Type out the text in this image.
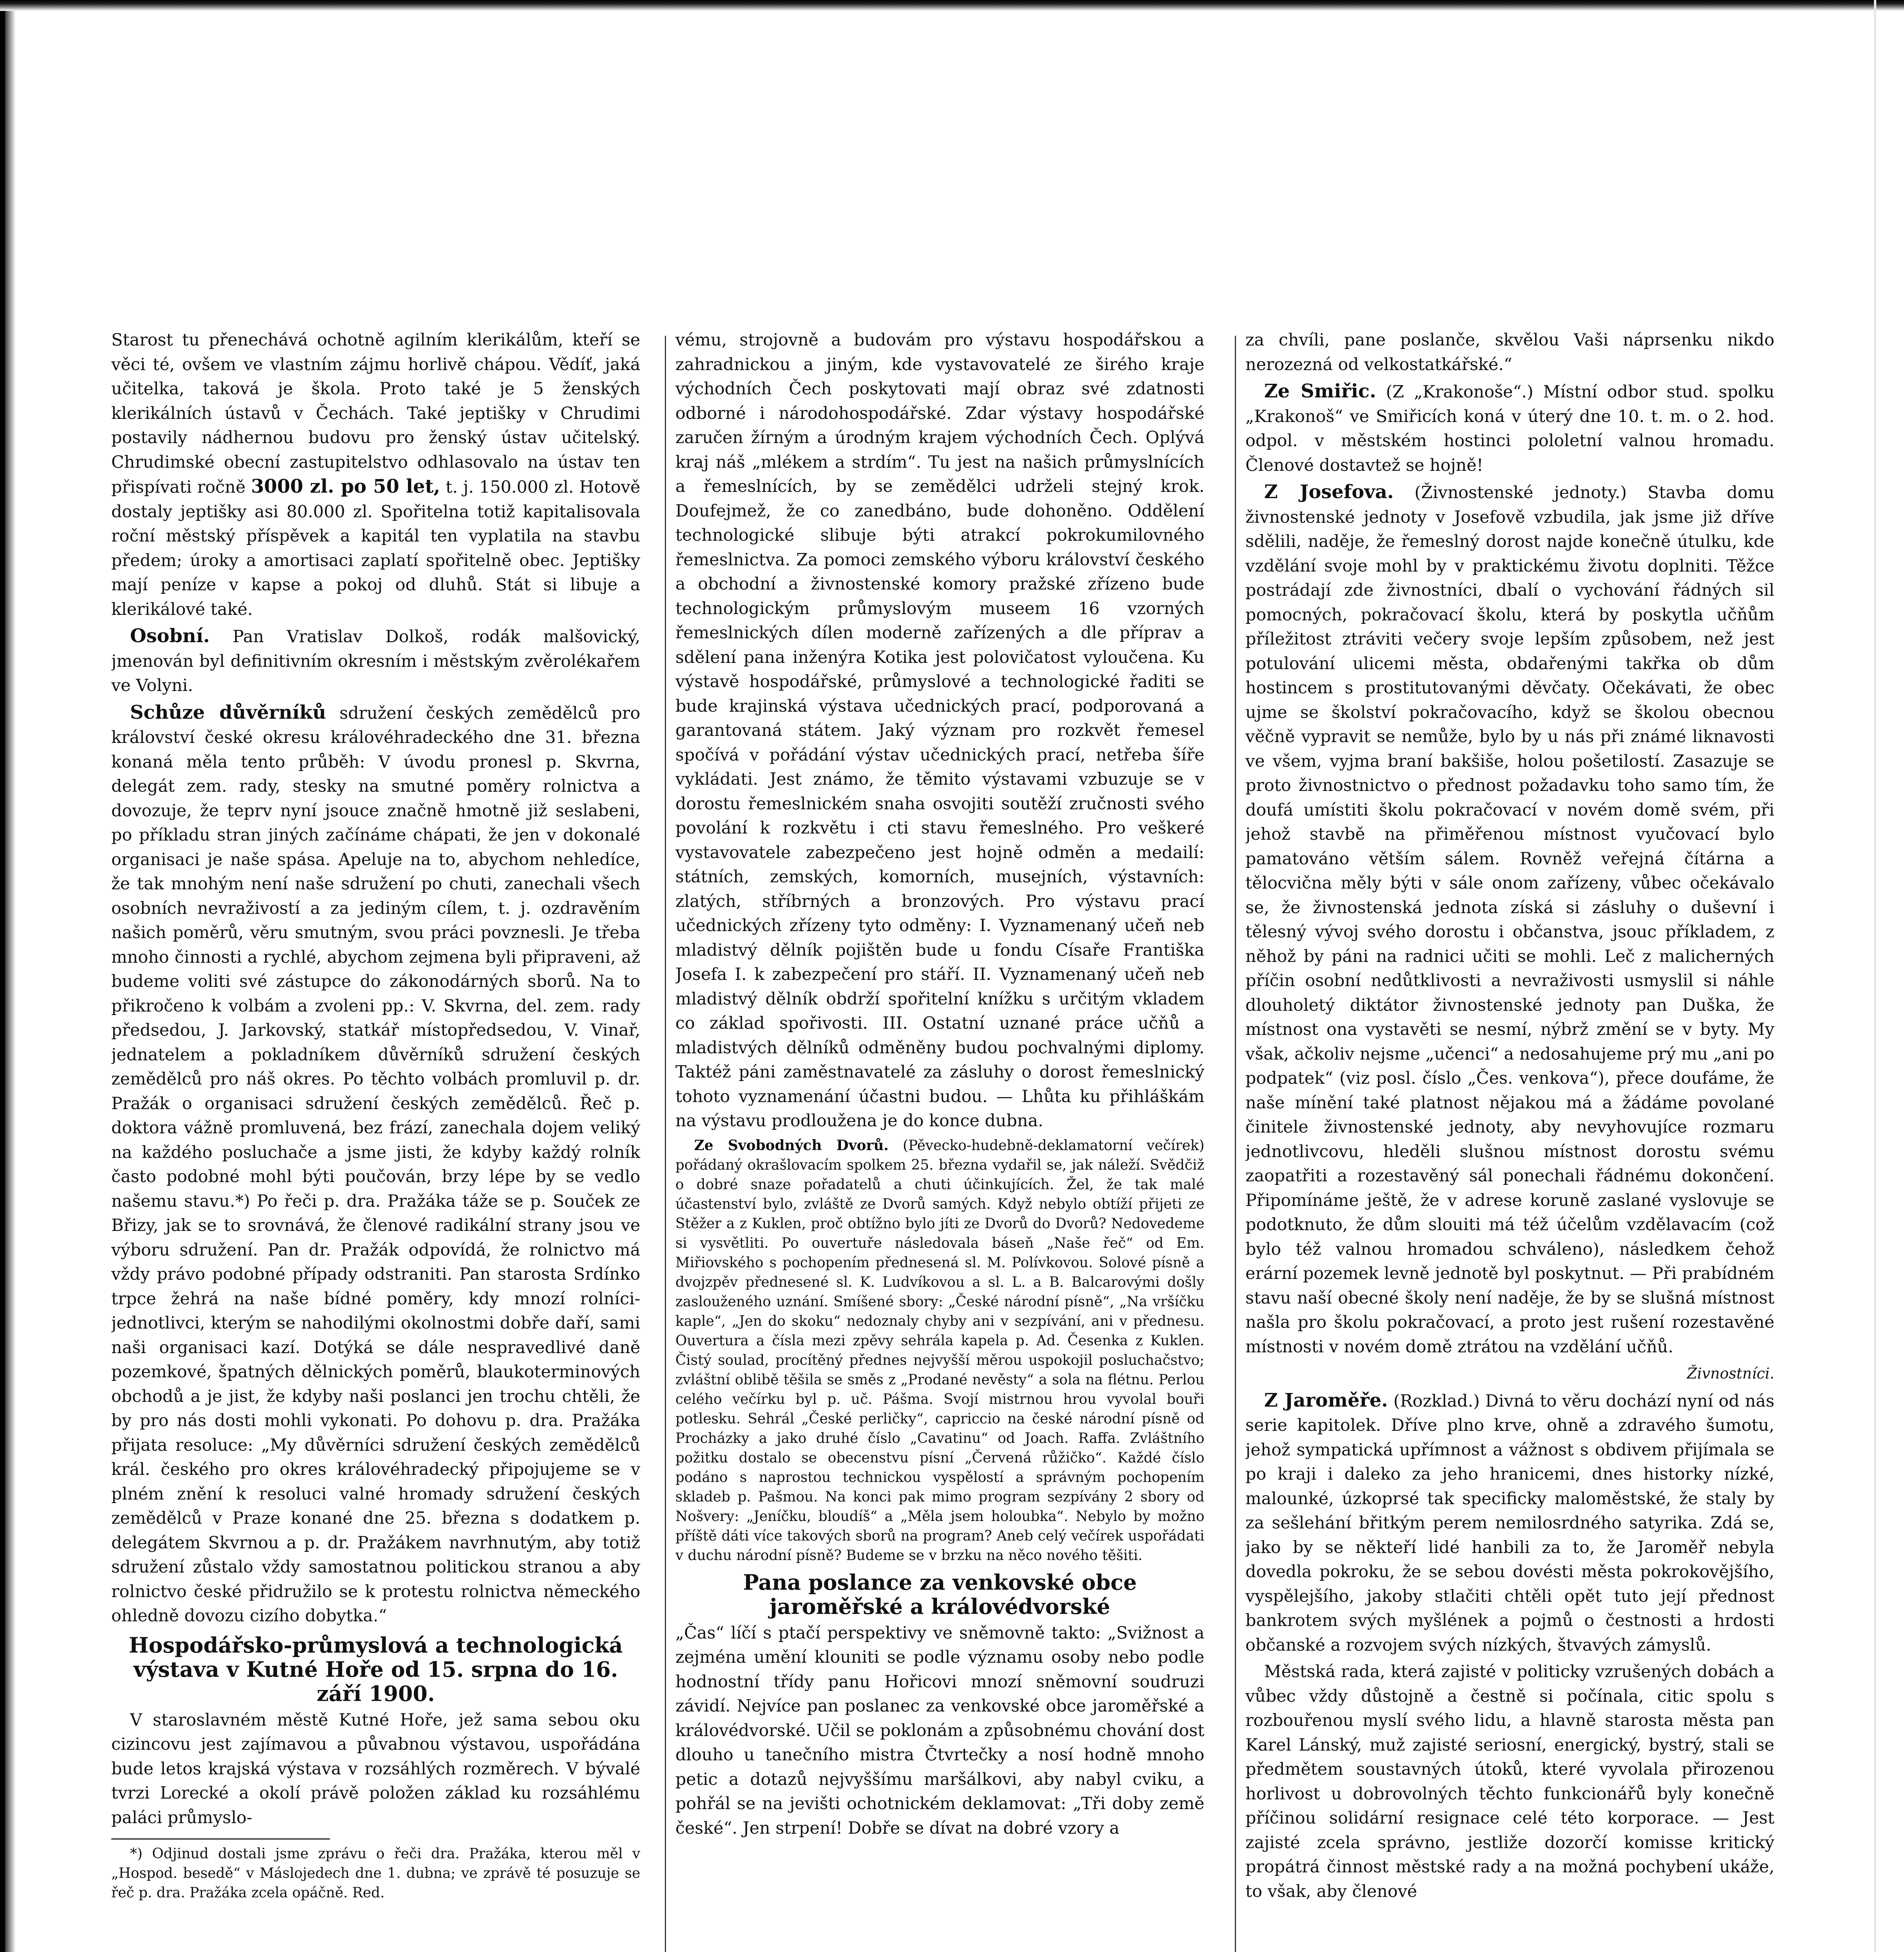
Starost tu přenechává ochotně agilním klerikálům, kteří se věci té, ovšem ve vlastním zájmu horlivě chápou. Vědíť, jaká učitelka, taková je škola. Proto také je 5 ženských klerikálních ústavů v Čechách. Také jeptišky v Chrudimi postavily nádhernou budovu pro ženský ústav učitelský. Chrudimské obecní zastupitelstvo odhlasovalo na ústav ten přispívati ročně 3000 zl. po 50 let, t. j. 150.000 zl. Hotově dostaly jeptišky asi 80.000 zl. Spořitelna totiž kapitalisovala roční městský příspěvek a kapitál ten vyplatila na stavbu předem; úroky a amortisaci zaplatí spořitelně obec. Jeptišky mají peníze v kapse a pokoj od dluhů. Stát si libuje a klerikálové také.

Osobní. Pan Vratislav Dolkoš, rodák malšovický, jmenován byl definitivním okresním i městským zvěrolékařem ve Volyni.

Schůze důvěrníků sdružení českých zemědělců pro království české okresu královéhradeckého dne 31. března konaná měla tento průběh: V úvodu pronesl p. Skvrna, delegát zem. rady, stesky na smutné poměry rolnictva a dovozuje, že teprv nyní jsouce značně hmotně již seslabeni, po příkladu stran jiných začínáme chápati, že jen v dokonalé organisaci je naše spása. Apeluje na to, abychom nehledíce, že tak mnohým není naše sdružení po chuti, zanechali všech osobních nevraživostí a za jediným cílem, t. j. ozdravěním našich poměrů, věru smutným, svou práci povznesli. Je třeba mnoho činnosti a rychlé, abychom zejmena byli připraveni, až budeme voliti své zástupce do zákonodárných sborů. Na to přikročeno k volbám a zvoleni pp.: V. Skvrna, del. zem. rady předsedou, J. Jarkovský, statkář místopředsedou, V. Vinař, jednatelem a pokladníkem důvěrníků sdružení českých zemědělců pro náš okres. Po těchto volbách promluvil p. dr. Pražák o organisaci sdružení českých zemědělců. Řeč p. doktora vážně promluvená, bez frází, zanechala dojem veliký na každého posluchače a jsme jisti, že kdyby každý rolník často podobné mohl býti poučován, brzy lépe by se vedlo našemu stavu.*) Po řeči p. dra. Pražáka táže se p. Souček ze Břizy, jak se to srovnává, že členové radikální strany jsou ve výboru sdružení. Pan dr. Pražák odpovídá, že rolnictvo má vždy právo podobné případy odstraniti. Pan starosta Srdínko trpce žehrá na naše bídné poměry, kdy mnozí rolníci-jednotlivci, kterým se nahodilými okolnostmi dobře daří, sami naši organisaci kazí. Dotýká se dále nespravedlivé daně pozemkové, špatných dělnických poměrů, blaukoterminových obchodů a je jist, že kdyby naši poslanci jen trochu chtěli, že by pro nás dosti mohli vykonati. Po dohovu p. dra. Pražáka přijata resoluce: „My důvěrníci sdružení českých zemědělců král. českého pro okres královéhradecký připojujeme se v plném znění k resoluci valné hromady sdružení českých zemědělců v Praze konané dne 25. března s dodatkem p. delegátem Skvrnou a p. dr. Pražákem navrhnutým, aby totiž sdružení zůstalo vždy samostatnou politickou stranou a aby rolnictvo české přidružilo se k protestu rolnictva německého ohledně dovozu cizího dobytka.“

Hospodářsko-průmyslová a technologická výstava v Kutné Hoře od 15. srpna do 16. září 1900.

V staroslavném městě Kutné Hoře, jež sama sebou oku cizincovu jest zajímavou a půvabnou výstavou, uspořádána bude letos krajská výstava v rozsáhlých rozměrech. V bývalé tvrzi Lorecké a okolí právě položen základ ku rozsáhlému paláci průmyslo-

*) Odjinud dostali jsme zprávu o řeči dra. Pražáka, kterou měl v „Hospod. besedě“ v Máslojedech dne 1. dubna; ve zprávě té posuzuje se řeč p. dra. Pražáka zcela opáčně. Red.

vému, strojovně a budovám pro výstavu hospodářskou a zahradnickou a jiným, kde vystavovatelé ze širého kraje východních Čech poskytovati mají obraz své zdatnosti odborné i národohospodářské. Zdar výstavy hospodářské zaručen žírným a úrodným krajem východních Čech. Oplývá kraj náš „mlékem a strdím“. Tu jest na našich průmyslnících a řemeslnících, by se zemědělci udrželi stejný krok. Doufejmež, že co zanedbáno, bude dohoněno. Oddělení technologické slibuje býti atrakcí pokrokumilovného řemeslnictva. Za pomoci zemského výboru království českého a obchodní a živnostenské komory pražské zřízeno bude technologickým průmyslovým museem 16 vzorných řemeslnických dílen moderně zařízených a dle příprav a sdělení pana inženýra Kotika jest polovičatost vyloučena. Ku výstavě hospodářské, průmyslové a technologické řaditi se bude krajinská výstava učednických prací, podporovaná a garantovaná státem. Jaký význam pro rozkvět řemesel spočívá v pořádání výstav učednických prací, netřeba šíře vykládati. Jest známo, že těmito výstavami vzbuzuje se v dorostu řemeslnickém snaha osvojiti soutěží zručnosti svého povolání k rozkvětu i cti stavu řemeslného. Pro veškeré vystavovatele zabezpečeno jest hojně odměn a medailí: státních, zemských, komorních, musejních, výstavních: zlatých, stříbrných a bronzových. Pro výstavu prací učednických zřízeny tyto odměny: I. Vyznamenaný učeň neb mladistvý dělník pojištěn bude u fondu Císaře Františka Josefa I. k zabezpečení pro stáří. II. Vyznamenaný učeň neb mladistvý dělník obdrží spořitelní knížku s určitým vkladem co základ spořivosti. III. Ostatní uznané práce učňů a mladistvých dělníků odměněny budou pochvalnými diplomy. Taktéž páni zaměstnavatelé za zásluhy o dorost řemeslnický tohoto vyznamenání účastni budou. — Lhůta ku přihláškám na výstavu prodloužena je do konce dubna.

Ze Svobodných Dvorů. (Pěvecko-hudebně-deklamatorní večírek) pořádaný okrašlovacím spolkem 25. března vydařil se, jak náleží. Svědčiž o dobré snaze pořadatelů a chuti účinkujících. Žel, že tak malé účastenství bylo, zvláště ze Dvorů samých. Když nebylo obtíží přijeti ze Stěžer a z Kuklen, proč obtížno bylo jíti ze Dvorů do Dvorů? Nedovedeme si vysvětliti. Po ouvertuře následovala báseň „Naše řeč“ od Em. Miřiovského s pochopením přednesená sl. M. Polívkovou. Solové písně a dvojzpěv přednesené sl. K. Ludvíkovou a sl. L. a B. Balcarovými došly zaslouženého uznání. Smíšené sbory: „České národní písně“, „Na vršíčku kaple“, „Jen do skoku“ nedoznaly chyby ani v sezpívání, ani v přednesu. Ouvertura a čísla mezi zpěvy sehrála kapela p. Ad. Česenka z Kuklen. Čistý soulad, procítěný přednes nejvyšší měrou uspokojil posluchačstvo; zvláštní oblibě těšila se směs z „Prodané nevěsty“ a sola na flétnu. Perlou celého večírku byl p. uč. Pášma. Svojí mistrnou hrou vyvolal bouři potlesku. Sehrál „České perličky“, capriccio na české národní písně od Procházky a jako druhé číslo „Cavatinu“ od Joach. Raffa. Zvláštního požitku dostalo se obecenstvu písní „Červená růžičko“. Každé číslo podáno s naprostou technickou vyspělostí a správným pochopením skladeb p. Pašmou. Na konci pak mimo program sezpívány 2 sbory od Nošvery: „Jeníčku, bloudíš“ a „Měla jsem holoubka“. Nebylo by možno příště dáti více takových sborů na program? Aneb celý večírek uspořádati v duchu národní písně? Budeme se v brzku na něco nového těšiti.

Pana poslance za venkovské obce jaroměřské a královédvorské

„Čas“ líčí s ptačí perspektivy ve sněmovně takto: „Svižnost a zejména umění klouniti se podle významu osoby nebo podle hodnostní třídy panu Hořicovi mnozí sněmovní soudruzi závidí. Nejvíce pan poslanec za venkovské obce jaroměřské a královédvorské. Učil se poklonám a způsobnému chování dost dlouho u tanečního mistra Čtvrtečky a nosí hodně mnoho petic a dotazů nejvyššímu maršálkovi, aby nabyl cviku, a pohřál se na jevišti ochotnickém deklamovat: „Tři doby země české“. Jen strpení! Dobře se dívat na dobré vzory a

za chvíli, pane poslanče, skvělou Vaši náprsenku nikdo nerozezná od velkostatkářské.“

Ze Smiřic. (Z „Krakonoše“.) Místní odbor stud. spolku „Krakonoš“ ve Smiřicích koná v úterý dne 10. t. m. o 2. hod. odpol. v městském hostinci pololetní valnou hromadu. Členové dostavtež se hojně!

Z Josefova. (Živnostenské jednoty.) Stavba domu živnostenské jednoty v Josefově vzbudila, jak jsme již dříve sdělili, naděje, že řemeslný dorost najde konečně útulku, kde vzdělání svoje mohl by v praktickému životu doplniti. Těžce postrádají zde živnostníci, dbalí o vychování řádných sil pomocných, pokračovací školu, která by poskytla učňům příležitost ztráviti večery svoje lepším způsobem, než jest potulování ulicemi města, obdařenými takřka ob dům hostincem s prostitutovanými děvčaty. Očekávati, že obec ujme se školství pokračovacího, když se školou obecnou věčně vypravit se nemůže, bylo by u nás při známé liknavosti ve všem, vyjma braní bakšiše, holou pošetilostí. Zasazuje se proto živnostnictvo o přednost požadavku toho samo tím, že doufá umístiti školu pokračovací v novém domě svém, při jehož stavbě na přiměřenou místnost vyučovací bylo pamatováno větším sálem. Rovněž veřejná čítárna a tělocvična měly býti v sále onom zařízeny, vůbec očekávalo se, že živnostenská jednota získá si zásluhy o duševní i tělesný vývoj svého dorostu i občanstva, jsouc příkladem, z něhož by páni na radnici učiti se mohli. Leč z malicherných příčin osobní nedůtklivosti a nevraživosti usmyslil si náhle dlouholetý diktátor živnostenské jednoty pan Duška, že místnost ona vystavěti se nesmí, nýbrž změní se v byty. My však, ačkoliv nejsme „učenci“ a nedosahujeme prý mu „ani po podpatek“ (viz posl. číslo „Čes. venkova“), přece doufáme, že naše mínění také platnost nějakou má a žádáme povolané činitele živnostenské jednoty, aby nevyhovujíce rozmaru jednotlivcovu, hleděli slušnou místnost dorostu svému zaopatřiti a rozestavěný sál ponechali řádnému dokončení. Připomínáme ještě, že v adrese koruně zaslané vyslovuje se podotknuto, že dům slouiti má též účelům vzdělavacím (což bylo též valnou hromadou schváleno), následkem čehož erární pozemek levně jednotě byl poskytnut. — Při prabídném stavu naší obecné školy není naděje, že by se slušná místnost našla pro školu pokračovací, a proto jest rušení rozestavěné místnosti v novém domě ztrátou na vzdělání učňů.

Živnostníci.

Z Jaroměře. (Rozklad.) Divná to věru dochází nyní od nás serie kapitolek. Dříve plno krve, ohně a zdravého šumotu, jehož sympatická upřímnost a vážnost s obdivem přijímala se po kraji i daleko za jeho hranicemi, dnes historky nízké, malounké, úzkoprsé tak specificky maloměstské, že staly by za sešlehání břitkým perem nemilosrdného satyrika. Zdá se, jako by se někteří lidé hanbili za to, že Jaroměř nebyla dovedla pokroku, že se sebou dovésti města pokrokovějšího, vyspělejšího, jakoby stlačiti chtěli opět tuto její přednost bankrotem svých myšlének a pojmů o čestnosti a hrdosti občanské a rozvojem svých nízkých, štvavých zámyslů.

Městská rada, která zajisté v politicky vzrušených dobách a vůbec vždy důstojně a čestně si počínala, citic spolu s rozbouřenou myslí svého lidu, a hlavně starosta města pan Karel Lánský, muž zajisté seriosní, energický, bystrý, stali se předmětem soustavných útoků, které vyvolala přirozenou horlivost u dobrovolných těchto funkcionářů byly konečně příčinou solidární resignace celé této korporace. — Jest zajisté zcela správno, jestliže dozorčí komisse kritický propátrá činnost městské rady a na možná pochybení ukáže, to však, aby členové
